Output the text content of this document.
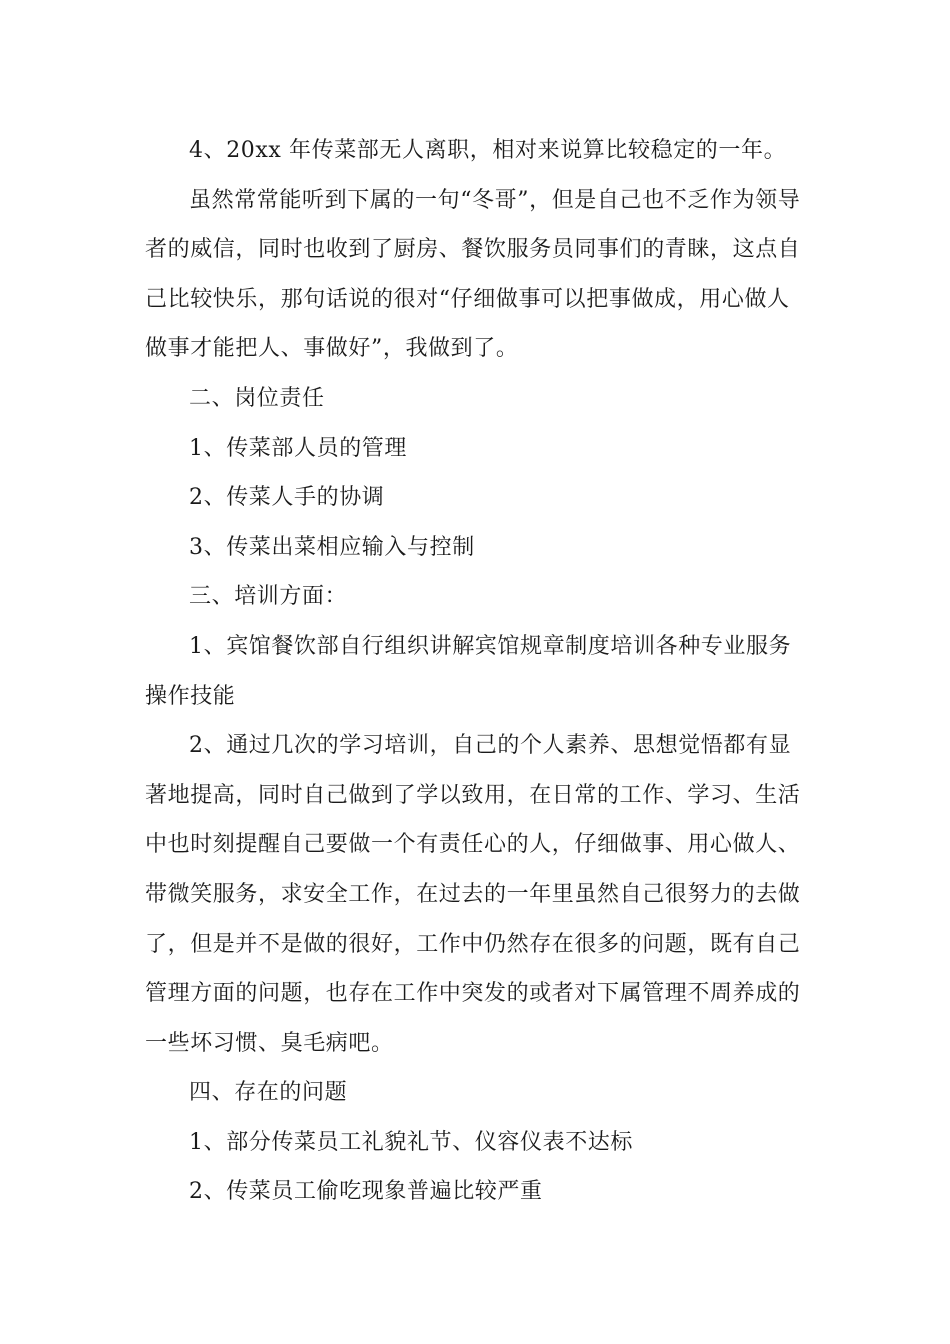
4、20xx 年传菜部无人离职，相对来说算比较稳定的一年。

虽然常常能听到下属的一句“冬哥”，但是自己也不乏作为领导者的威信，同时也收到了厨房、餐饮服务员同事们的青睐，这点自己比较快乐，那句话说的很对“仔细做事可以把事做成，用心做人做事才能把人、事做好”，我做到了。

二、岗位责任

1、传菜部人员的管理

2、传菜人手的协调

3、传菜出菜相应输入与控制

三、培训方面：

1、宾馆餐饮部自行组织讲解宾馆规章制度培训各种专业服务操作技能

2、通过几次的学习培训，自己的个人素养、思想觉悟都有显著地提高，同时自己做到了学以致用，在日常的工作、学习、生活中也时刻提醒自己要做一个有责任心的人，仔细做事、用心做人、带微笑服务，求安全工作，在过去的一年里虽然自己很努力的去做了，但是并不是做的很好，工作中仍然存在很多的问题，既有自己管理方面的问题，也存在工作中突发的或者对下属管理不周养成的一些坏习惯、臭毛病吧。

四、存在的问题

1、部分传菜员工礼貌礼节、仪容仪表不达标

2、传菜员工偷吃现象普遍比较严重
